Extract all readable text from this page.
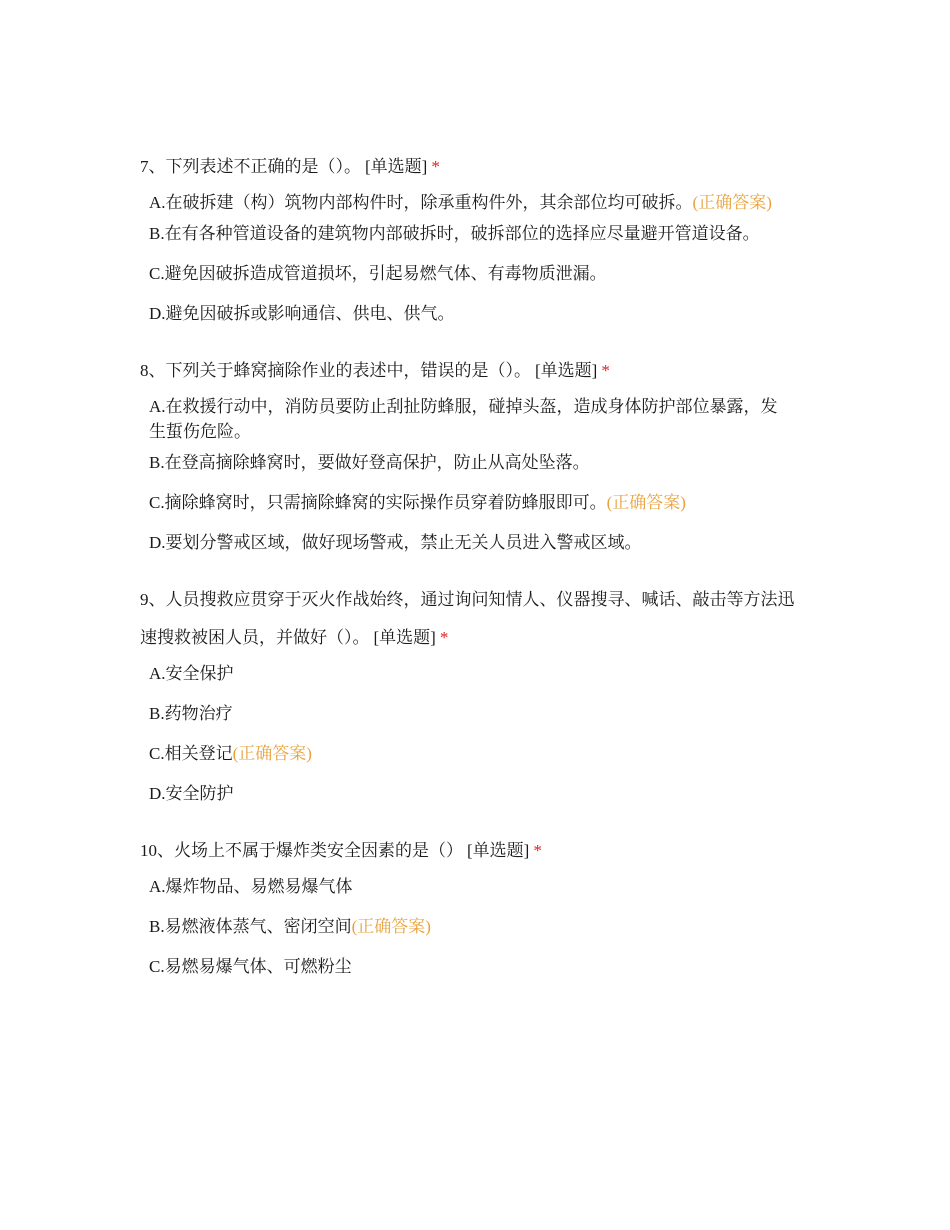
7、下列表述不正确的是（）。 [单选题] *

A.在破拆建（构）筑物内部构件时，除承重构件外，其余部位均可破拆。(正确答案)
B.在有各种管道设备的建筑物内部破拆时，破拆部位的选择应尽量避开管道设备。
C.避免因破拆造成管道损坏，引起易燃气体、有毒物质泄漏。
D.避免因破拆或影响通信、供电、供气。

8、下列关于蜂窝摘除作业的表述中，错误的是（）。 [单选题] *

A.在救援行动中，消防员要防止刮扯防蜂服，碰掉头盔，造成身体防护部位暴露，发生蜇伤危险。
B.在登高摘除蜂窝时，要做好登高保护，防止从高处坠落。
C.摘除蜂窝时，只需摘除蜂窝的实际操作员穿着防蜂服即可。(正确答案)
D.要划分警戒区域，做好现场警戒，禁止无关人员进入警戒区域。

9、人员搜救应贯穿于灭火作战始终，通过询问知情人、仪器搜寻、喊话、敲击等方法迅速搜救被困人员，并做好（）。 [单选题] *

A.安全保护
B.药物治疗
C.相关登记(正确答案)
D.安全防护

10、火场上不属于爆炸类安全因素的是（） [单选题] *

A.爆炸物品、易燃易爆气体
B.易燃液体蒸气、密闭空间(正确答案)
C.易燃易爆气体、可燃粉尘
